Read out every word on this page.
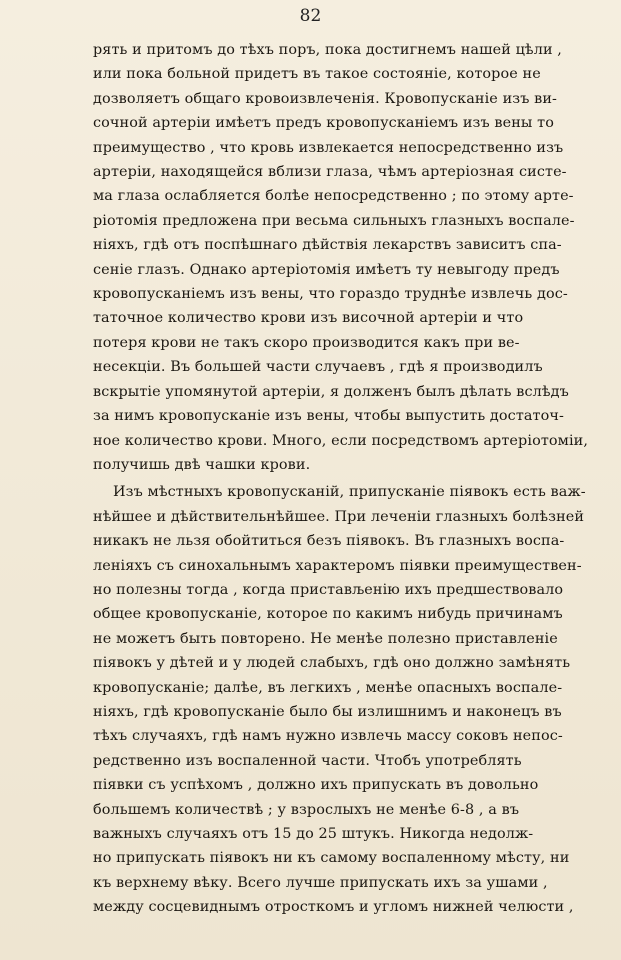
82
рять и притомъ до тѣхъ поръ, пока достигнемъ нашей цѣли ,
или пока больной придетъ въ такое состояніе, которое не
дозволяетъ общаго кровоизвлеченія. Кровопусканіе изъ ви-
сочной артеріи имѣетъ предъ кровопусканіемъ изъ вены то
преимущество , что кровь извлекается непосредственно изъ
артеріи, находящейся вблизи глаза, чѣмъ артеріозная систе-
ма глаза ослабляется болѣе непосредственно ; по этому арте-
ріотомія предложена при весьма сильныхъ глазныхъ воспале-
ніяхъ, гдѣ отъ поспѣшнаго дѣйствія лекарствъ зависитъ спа-
сеніе глазъ. Однако артеріотомія имѣетъ ту невыгоду предъ
кровопусканіемъ изъ вены, что гораздо труднѣе извлечь дос-
таточное количество крови изъ височной артеріи и что
потеря крови не такъ скоро производится какъ при ве-
несекціи. Въ большей части случаевъ , гдѣ я производилъ
вскрытіе упомянутой артеріи, я долженъ былъ дѣлать вслѣдъ
за нимъ кровопусканіе изъ вены, чтобы выпустить достаточ-
ное количество крови. Много, если посредствомъ артеріотоміи,
получишь двѣ чашки крови.
Изъ мѣстныхъ кровопусканій, припусканіе піявокъ есть важ-
нѣйшее и дѣйствительнѣйшее. При леченіи глазныхъ болѣзней
никакъ не льзя обойтиться безъ піявокъ. Въ глазныхъ воспа-
леніяхъ съ синохальнымъ характеромъ піявки преимуществен-
но полезны тогда , когда пристављенію ихъ предшествовало
общее кровопусканіе, которое по какимъ нибудь причинамъ
не можетъ быть повторено. Не менѣе полезно приставленіе
піявокъ у дѣтей и у людей слабыхъ, гдѣ оно должно замѣнять
кровопусканіе; далѣе, въ легкихъ , менѣе опасныхъ воспале-
ніяхъ, гдѣ кровопусканіе было бы излишнимъ и наконецъ въ
тѣхъ случаяхъ, гдѣ намъ нужно извлечь массу соковъ непос-
редственно изъ воспаленной части. Чтобъ употреблять
піявки съ успѣхомъ , должно ихъ припускать въ довольно
большемъ количествѣ ; у взрослыхъ не менѣе 6-8 , а въ
важныхъ случаяхъ отъ 15 до 25 штукъ. Никогда недолж-
но припускать піявокъ ни къ самому воспаленному мѣсту, ни
къ верхнему вѣку. Всего лучше припускать ихъ за ушами ,
между сосцевиднымъ отросткомъ и угломъ нижней челюсти ,
